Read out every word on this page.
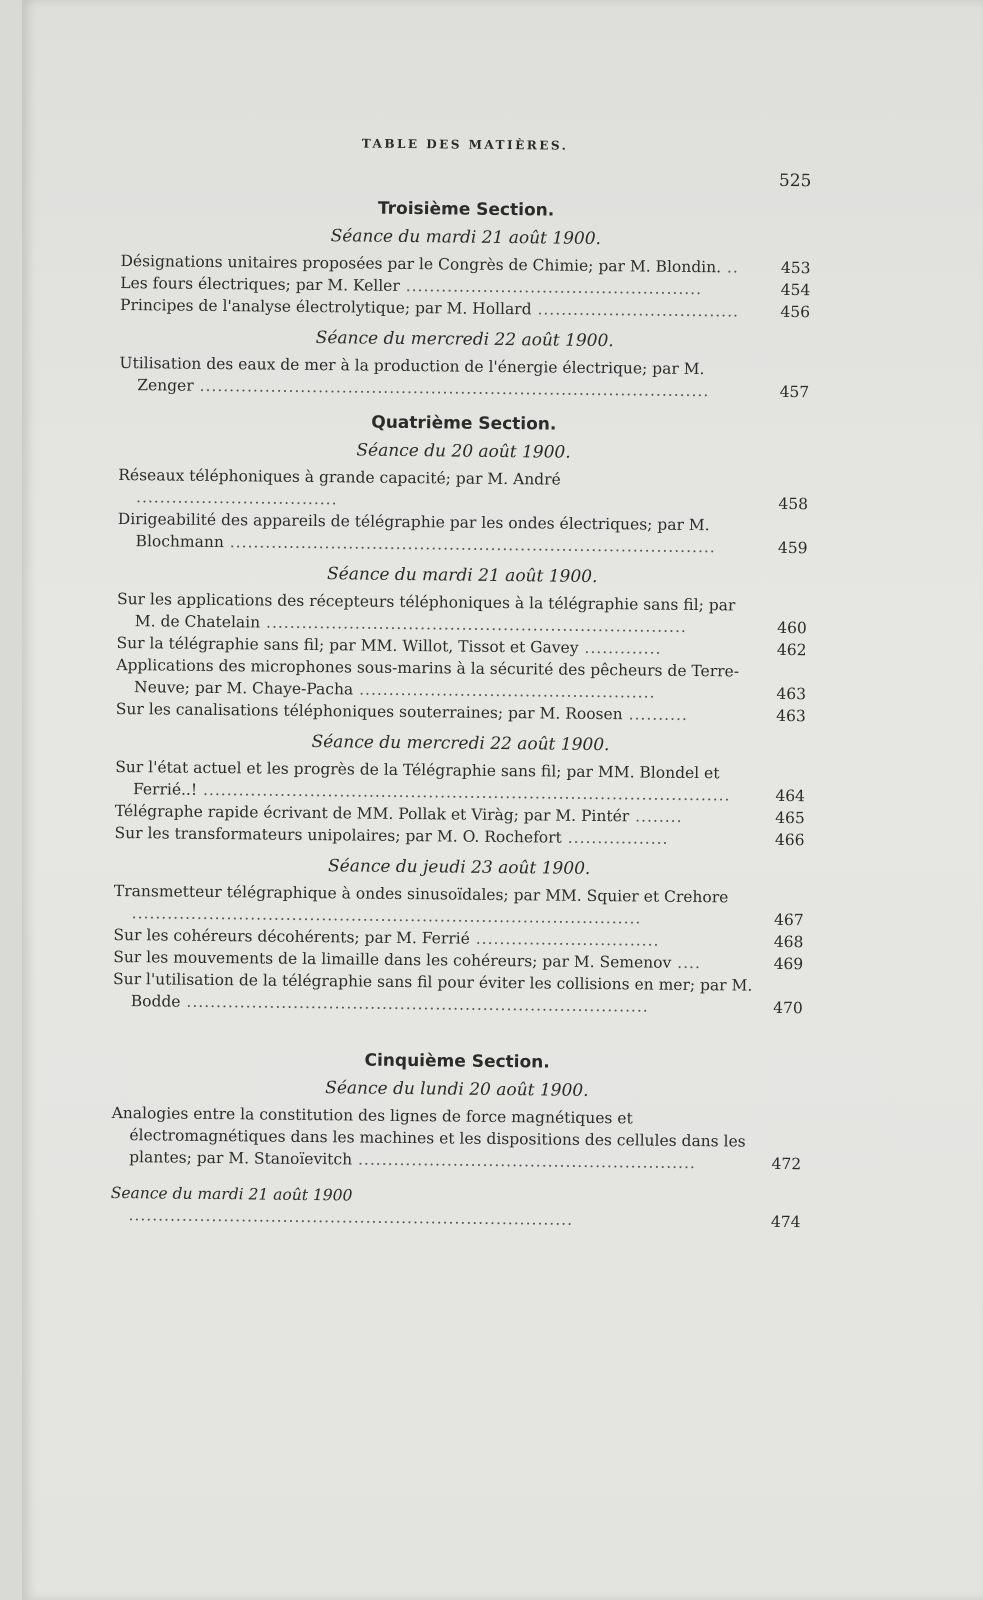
TABLE DES MATIÈRES.
525
Troisième Section.
Séance du mardi 21 août 1900.

Désignations unitaires proposées par le Congrès de Chimie; par M. Blondin. ..	453

Les fours électriques; par M. Keller ..................................................	454

Principes de l'analyse électrolytique; par M. Hollard ..................................	456

Séance du mercredi 22 août 1900.

Utilisation des eaux de mer à la production de l'énergie électrique; par M. Zenger ......................................................................................	457

Quatrième Section.
Séance du 20 août 1900.

Réseaux téléphoniques à grande capacité; par M. André ..................................	458

Dirigeabilité des appareils de télégraphie par les ondes électriques; par M. Blochmann ..................................................................................	459

Séance du mardi 21 août 1900.

Sur les applications des récepteurs téléphoniques à la télégraphie sans fil; par M. de Chatelain .......................................................................	460

Sur la télégraphie sans fil; par MM. Willot, Tissot et Gavey .............	462

Applications des microphones sous-marins à la sécurité des pêcheurs de Terre-Neuve; par M. Chaye-Pacha ..................................................	463

Sur les canalisations téléphoniques souterraines; par M. Roosen ..........	463

Séance du mercredi 22 août 1900.

Sur l'état actuel et les progrès de la Télégraphie sans fil; par MM. Blondel et Ferrié..! .........................................................................................	464

Télégraphe rapide écrivant de MM. Pollak et Viràg; par M. Pintér ........	465

Sur les transformateurs unipolaires; par M. O. Rochefort .................	466

Séance du jeudi 23 août 1900.

Transmetteur télégraphique à ondes sinusoïdales; par MM. Squier et Crehore ......................................................................................	467

Sur les cohéreurs décohérents; par M. Ferrié ...............................	468

Sur les mouvements de la limaille dans les cohéreurs; par M. Semenov ....	469

Sur l'utilisation de la télégraphie sans fil pour éviter les collisions en mer; par M. Bodde ..............................................................................	470

Cinquième Section.
Séance du lundi 20 août 1900.

Analogies entre la constitution des lignes de force magnétiques et électromagnétiques dans les machines et les dispositions des cellules dans les plantes; par M. Stanoïevitch .........................................................	472

Seance du mardi 21 août 1900 ...........................................................................	474
